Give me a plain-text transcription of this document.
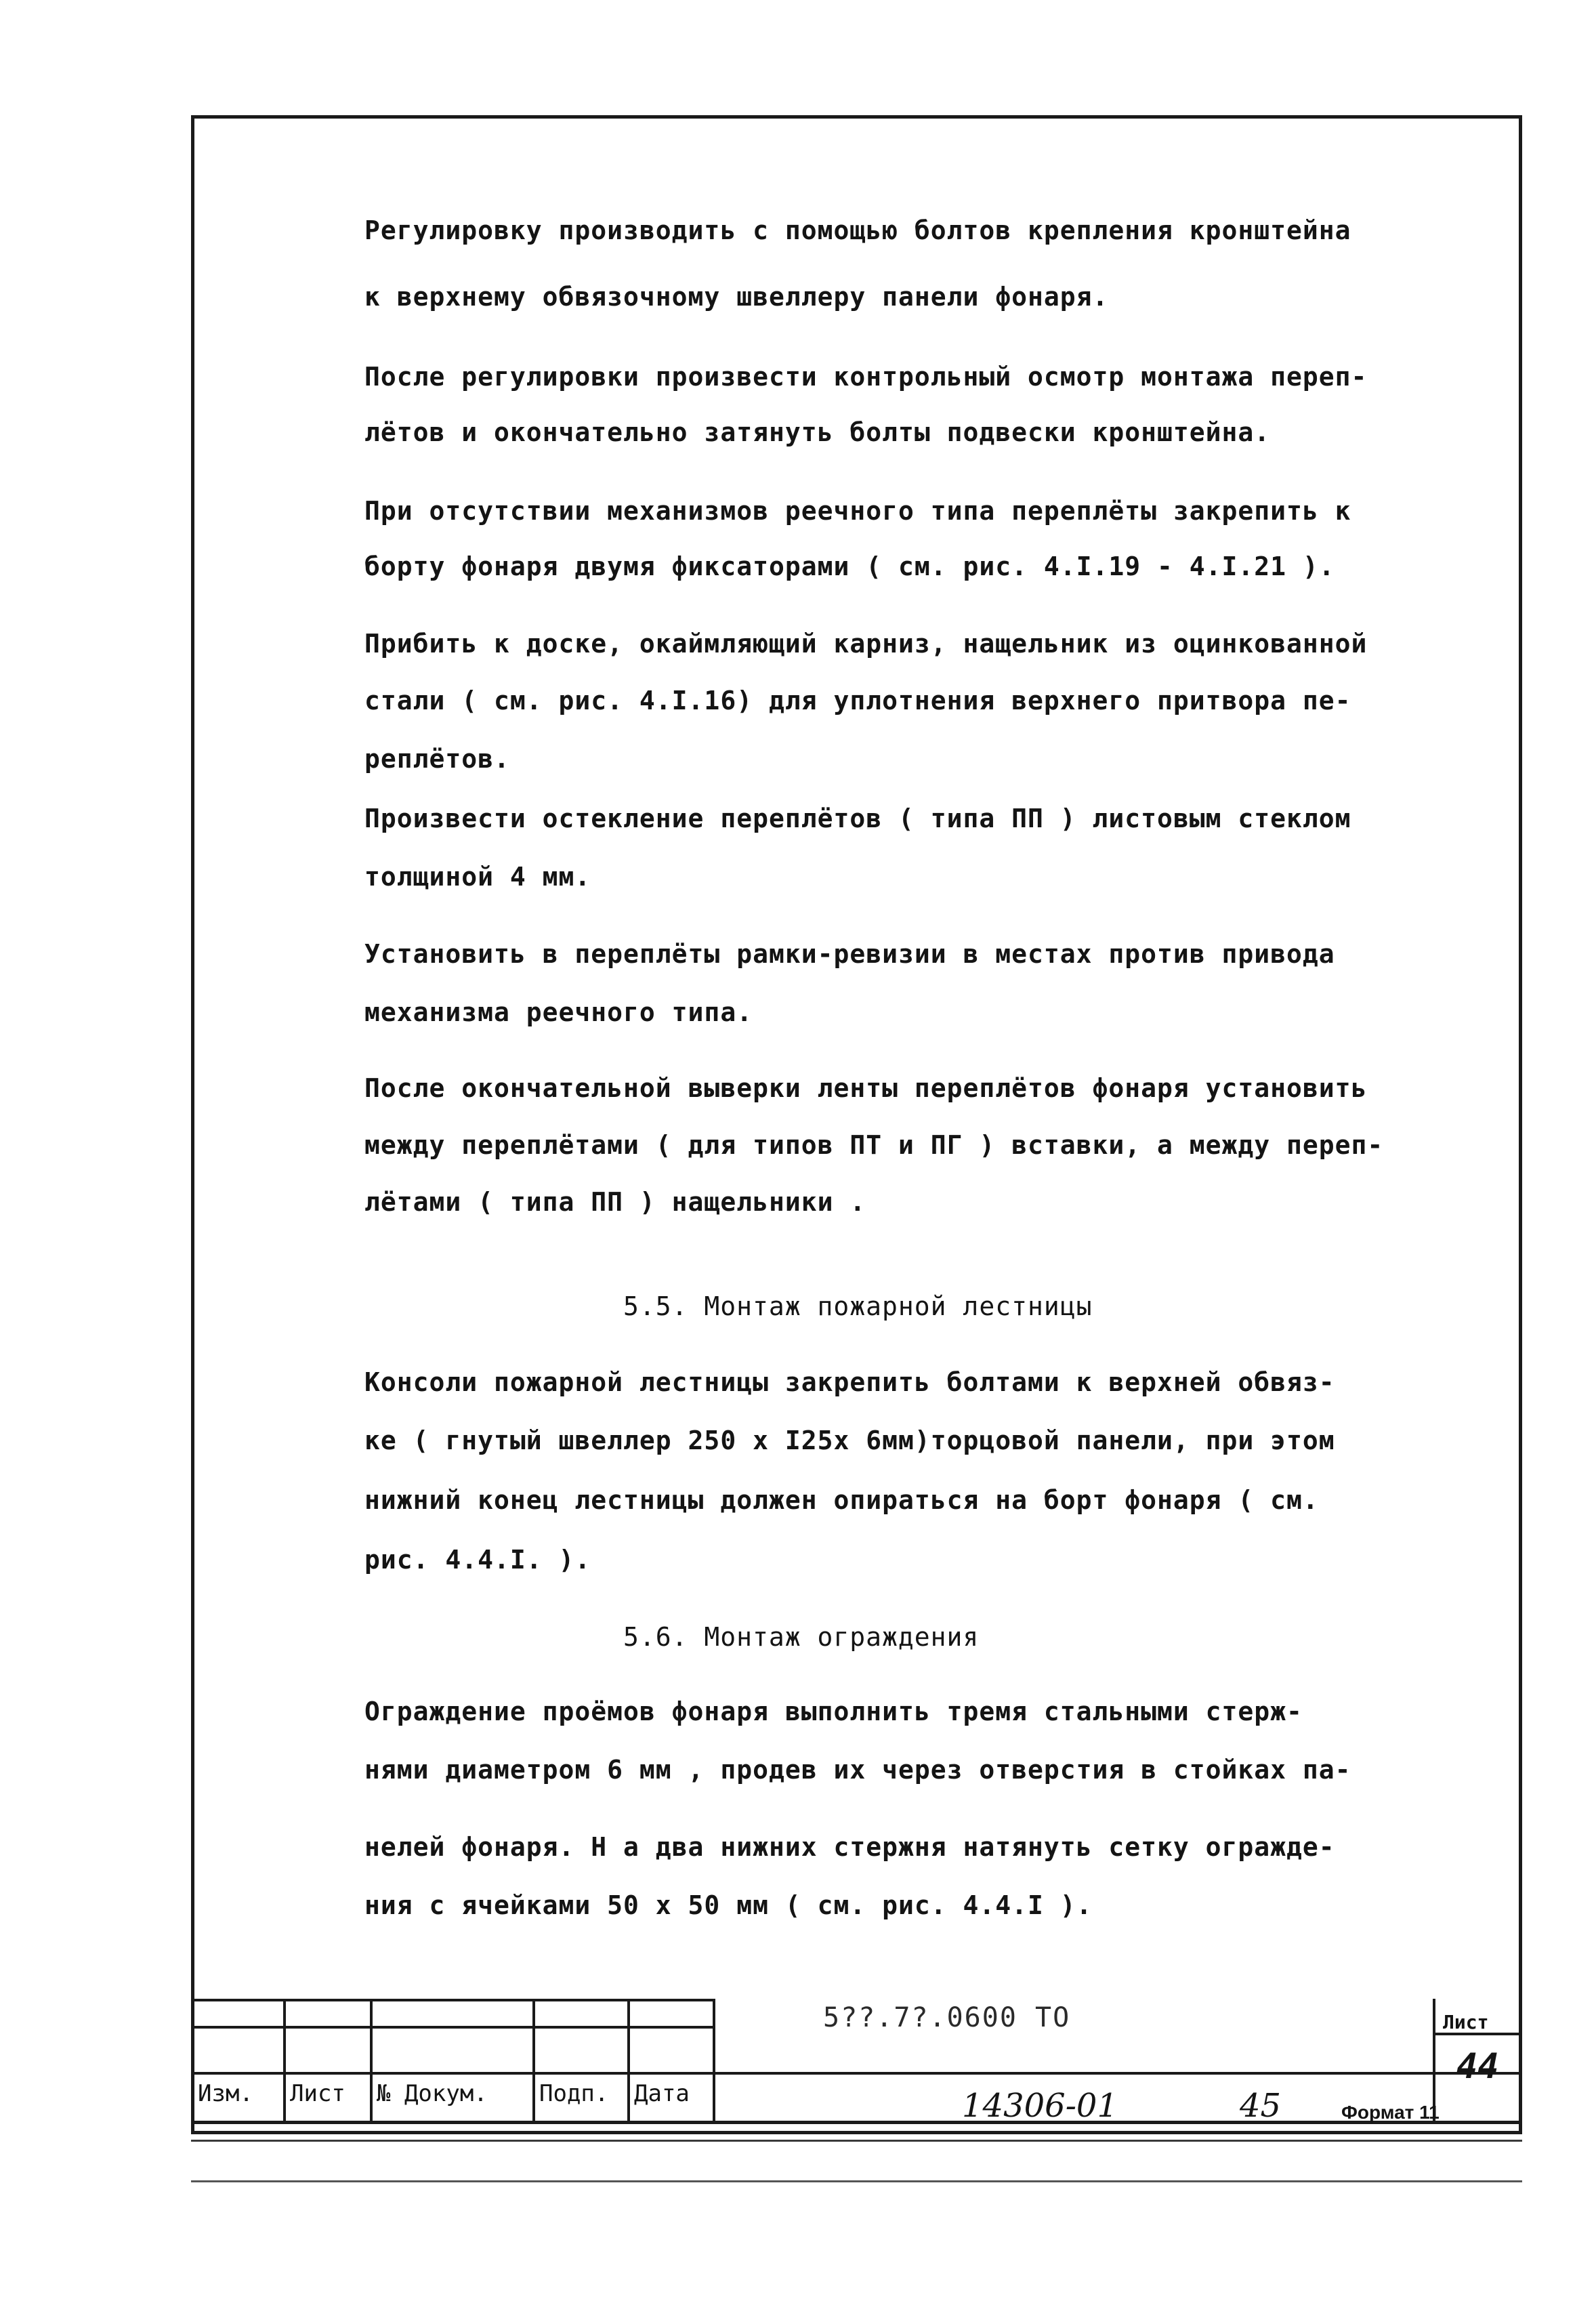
Регулировку производить с помощью болтов крепления кронштейна
к верхнему обвязочному швеллеру панели фонаря.
После регулировки произвести контрольный осмотр монтажа переп-
лётов и окончательно затянуть болты подвески кронштейна.
При отсутствии механизмов реечного типа переплёты закрепить к
борту фонаря двумя фиксаторами ( см. рис. 4.I.19 - 4.I.21 ).
Прибить к доске, окаймляющий карниз, нащельник из оцинкованной
стали ( см. рис. 4.I.16) для уплотнения верхнего притвора пе-
реплётов.
Произвести остекление переплётов ( типа ПП ) листовым стеклом
толщиной 4 мм.
Установить в переплёты рамки-ревизии в местах против привода
механизма реечного типа.
После окончательной выверки ленты переплётов фонаря установить
между переплётами ( для типов ПТ и ПГ ) вставки, а между переп-
лётами ( типа ПП ) нащельники .
5.5. Монтаж пожарной лестницы
Консоли пожарной лестницы закрепить болтами к верхней обвяз-
ке ( гнутый швеллер 250 x I25x 6мм)торцовой панели, при этом
нижний конец лестницы должен опираться на борт фонаря ( см.
рис. 4.4.I. ).
5.6. Монтаж ограждения
Ограждение проёмов фонаря выполнить тремя стальными стерж-
нями диаметром 6 мм , продев их через отверстия в стойках па-
нелей фонаря. Н а два нижних стержня натянуть сетку огражде-
ния с ячейками 50 x 50 мм ( см. рис. 4.4.I ).
Изм. Лист № Докум. Подп. Дата
5??.7?.0600 ТО	Лист
44
14306-01	45	Формат 11
